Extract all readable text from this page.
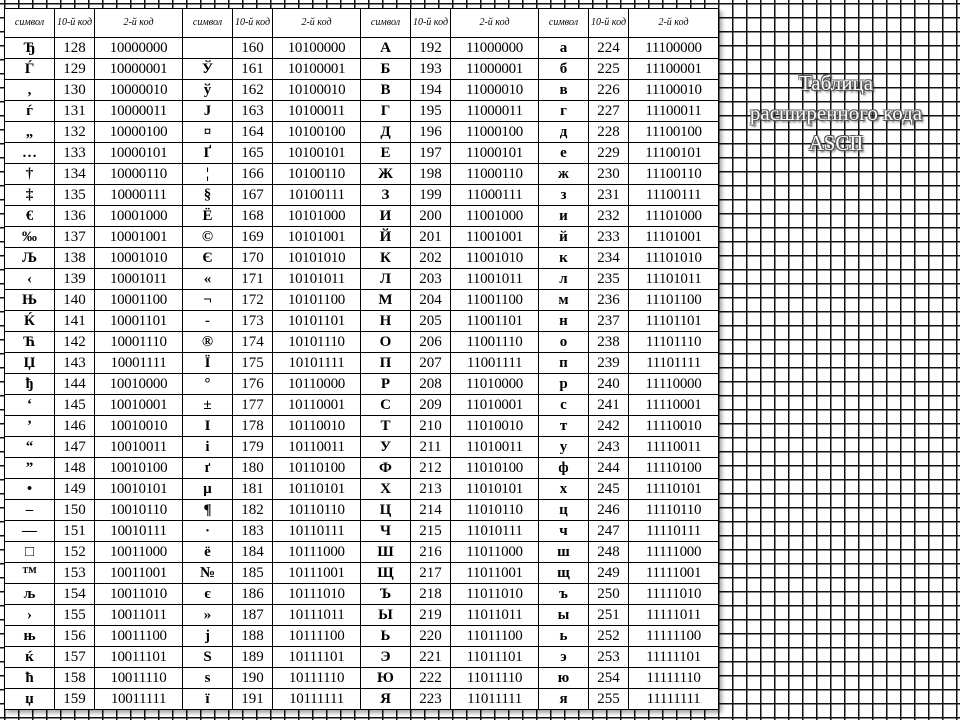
символ	10-й код	2-й код	символ	10-й код	2-й код	символ	10-й код	2-й код	символ	10-й код	2-й код
Ђ	128	10000000		160	10100000	А	192	11000000	а	224	11100000
Ѓ	129	10000001	Ў	161	10100001	Б	193	11000001	б	225	11100001
‚	130	10000010	ў	162	10100010	В	194	11000010	в	226	11100010
ѓ	131	10000011	Ј	163	10100011	Г	195	11000011	г	227	11100011
„	132	10000100	¤	164	10100100	Д	196	11000100	д	228	11100100
…	133	10000101	Ґ	165	10100101	Е	197	11000101	е	229	11100101
†	134	10000110	¦	166	10100110	Ж	198	11000110	ж	230	11100110
‡	135	10000111	§	167	10100111	З	199	11000111	з	231	11100111
€	136	10001000	Ё	168	10101000	И	200	11001000	и	232	11101000
‰	137	10001001	©	169	10101001	Й	201	11001001	й	233	11101001
Љ	138	10001010	Є	170	10101010	К	202	11001010	к	234	11101010
‹	139	10001011	«	171	10101011	Л	203	11001011	л	235	11101011
Њ	140	10001100	¬	172	10101100	М	204	11001100	м	236	11101100
Ќ	141	10001101	-	173	10101101	Н	205	11001101	н	237	11101101
Ћ	142	10001110	®	174	10101110	О	206	11001110	о	238	11101110
Џ	143	10001111	Ї	175	10101111	П	207	11001111	п	239	11101111
ђ	144	10010000	°	176	10110000	Р	208	11010000	р	240	11110000
‘	145	10010001	±	177	10110001	С	209	11010001	с	241	11110001
’	146	10010010	І	178	10110010	Т	210	11010010	т	242	11110010
“	147	10010011	і	179	10110011	У	211	11010011	у	243	11110011
”	148	10010100	ґ	180	10110100	Ф	212	11010100	ф	244	11110100
•	149	10010101	µ	181	10110101	Х	213	11010101	х	245	11110101
–	150	10010110	¶	182	10110110	Ц	214	11010110	ц	246	11110110
—	151	10010111	·	183	10110111	Ч	215	11010111	ч	247	11110111
□	152	10011000	ё	184	10111000	Ш	216	11011000	ш	248	11111000
™	153	10011001	№	185	10111001	Щ	217	11011001	щ	249	11111001
љ	154	10011010	є	186	10111010	Ъ	218	11011010	ъ	250	11111010
›	155	10011011	»	187	10111011	Ы	219	11011011	ы	251	11111011
њ	156	10011100	ј	188	10111100	Ь	220	11011100	ь	252	11111100
ќ	157	10011101	Ѕ	189	10111101	Э	221	11011101	э	253	11111101
ћ	158	10011110	ѕ	190	10111110	Ю	222	11011110	ю	254	11111110
џ	159	10011111	ї	191	10111111	Я	223	11011111	я	255	11111111
Таблица расширенного кода ASCII
